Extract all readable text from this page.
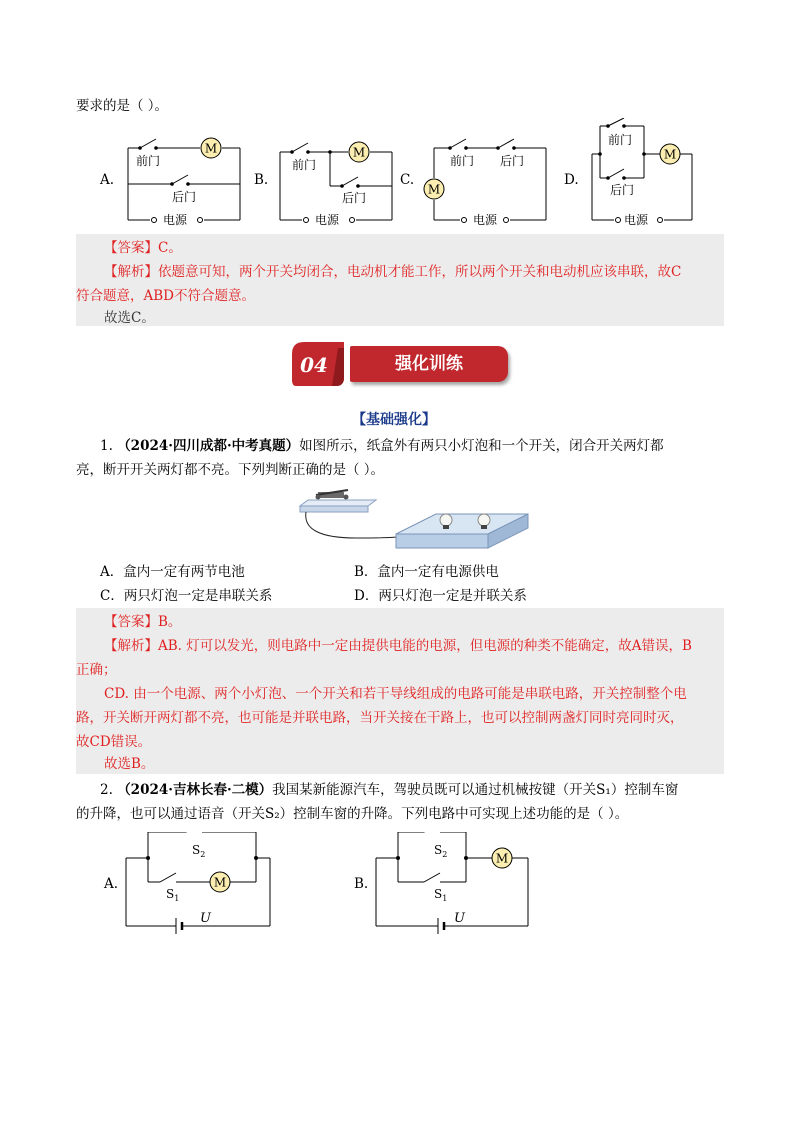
要求的是（ ）。
A.
M
前门
后门
电源
B.
M
前门
后门
电源
C.
M
前门 后门
电源
D.
M
前门
后门
电源
【答案】C。
【解析】依题意可知，两个开关均闭合，电动机才能工作，所以两个开关和电动机应该串联，故C
符合题意，ABD不符合题意。
故选C。
04	强化训练
【基础强化】
1. （2024·四川成都·中考真题）如图所示，纸盒外有两只小灯泡和一个开关，闭合开关两灯都
亮，断开开关两灯都不亮。下列判断正确的是（ ）。
A．盒内一定有两节电池	B．盒内一定有电源供电
C．两只灯泡一定是串联关系	D．两只灯泡一定是并联关系
【答案】B。
【解析】AB. 灯可以发光，则电路中一定由提供电能的电源，但电源的种类不能确定，故A错误，B
正确；
CD. 由一个电源、两个小灯泡、一个开关和若干导线组成的电路可能是串联电路，开关控制整个电
路，开关断开两灯都不亮，也可能是并联电路，当开关接在干路上，也可以控制两盏灯同时亮同时灭，
故CD错误。
故选B。
2. （2024·吉林长春·二模）我国某新能源汽车，驾驶员既可以通过机械按键（开关S₁）控制车窗
的升降，也可以通过语音（开关S₂）控制车窗的升降。下列电路中可实现上述功能的是（ ）。
A.	M
$S_2$
$S_1$
U
B.
M
$S_2$
$S_1$
U
